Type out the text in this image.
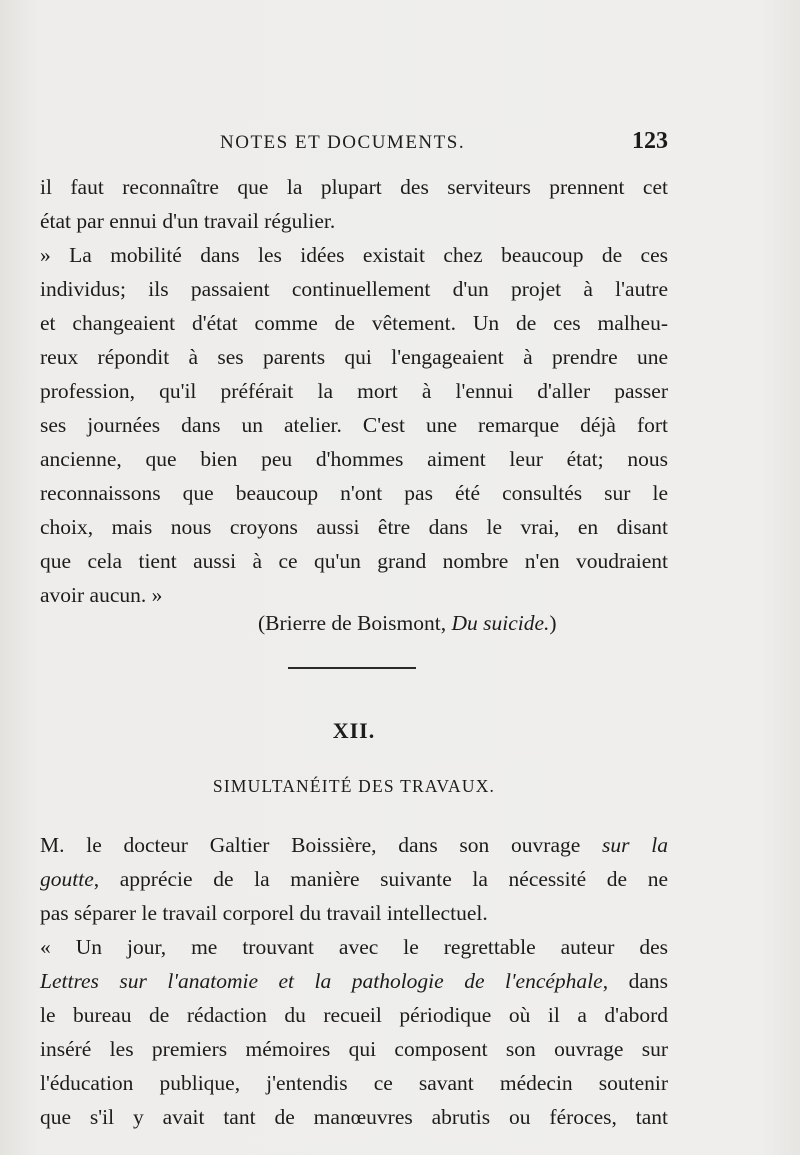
NOTES ET DOCUMENTS.	123
il faut reconnaître que la plupart des serviteurs prennent cet
état par ennui d'un travail régulier.
» La mobilité dans les idées existait chez beaucoup de ces
individus; ils passaient continuellement d'un projet à l'autre
et changeaient d'état comme de vêtement. Un de ces malheu-
reux répondit à ses parents qui l'engageaient à prendre une
profession, qu'il préférait la mort à l'ennui d'aller passer
ses journées dans un atelier. C'est une remarque déjà fort
ancienne, que bien peu d'hommes aiment leur état; nous
reconnaissons que beaucoup n'ont pas été consultés sur le
choix, mais nous croyons aussi être dans le vrai, en disant
que cela tient aussi à ce qu'un grand nombre n'en voudraient
avoir aucun. »
(Brierre de Boismont, Du suicide.)
XII.
SIMULTANÉITÉ DES TRAVAUX.
M. le docteur Galtier Boissière, dans son ouvrage sur la
goutte, apprécie de la manière suivante la nécessité de ne
pas séparer le travail corporel du travail intellectuel.
« Un jour, me trouvant avec le regrettable auteur des
Lettres sur l'anatomie et la pathologie de l'encéphale, dans
le bureau de rédaction du recueil périodique où il a d'abord
inséré les premiers mémoires qui composent son ouvrage sur
l'éducation publique, j'entendis ce savant médecin soutenir
que s'il y avait tant de manœuvres abrutis ou féroces, tant
